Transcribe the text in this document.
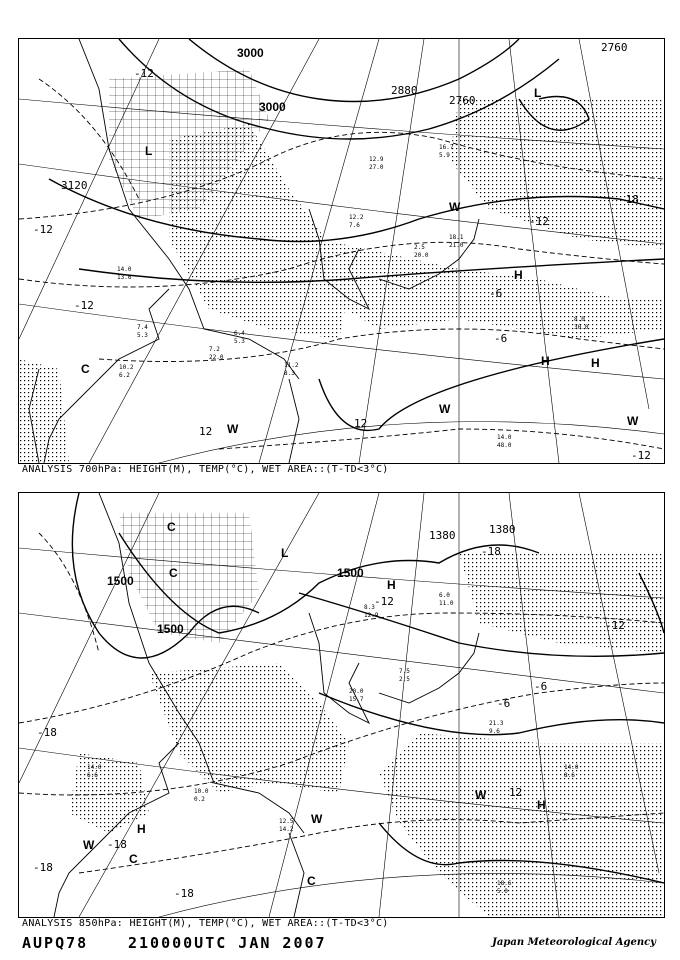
3000
3000
2880
2760
2760
3120
-12
-12
-18
-12
-6
-6
12
12
-12
-12
L
L
C
W
W
W
W
H	H
H
14.0
13.6
7.4
5.3
7.2
22.0
6.4
5.3
10.2
6.2
8.0
30.0
14.0
48.0
11.2
8.3
12.9
27.0
16.7
5.9
2.5
20.0
18.1
21.0
12.2
7.6
ANALYSIS 700hPa: HEIGHT(M), TEMP(°C), WET AREA::(T-TD<3°C)
1500
1500
1500
1380	1380
-12
-12
-18
-18
-18
-18
-6
-6
12
-18
C
C
L
W
W
W
H
H
H
C
C
14.0
6.6
10.0
0.2
14.0
8.6
18.6
5.0
12.5
14.2
8.3
12.9
6.0
11.0
7.5
2.5
20.0
15.7
21.3
9.6
ANALYSIS 850hPa: HEIGHT(M), TEMP(°C), WET AREA::(T-TD<3°C)
AUPQ78	210000UTC JAN 2007	Japan Meteorological Agency
